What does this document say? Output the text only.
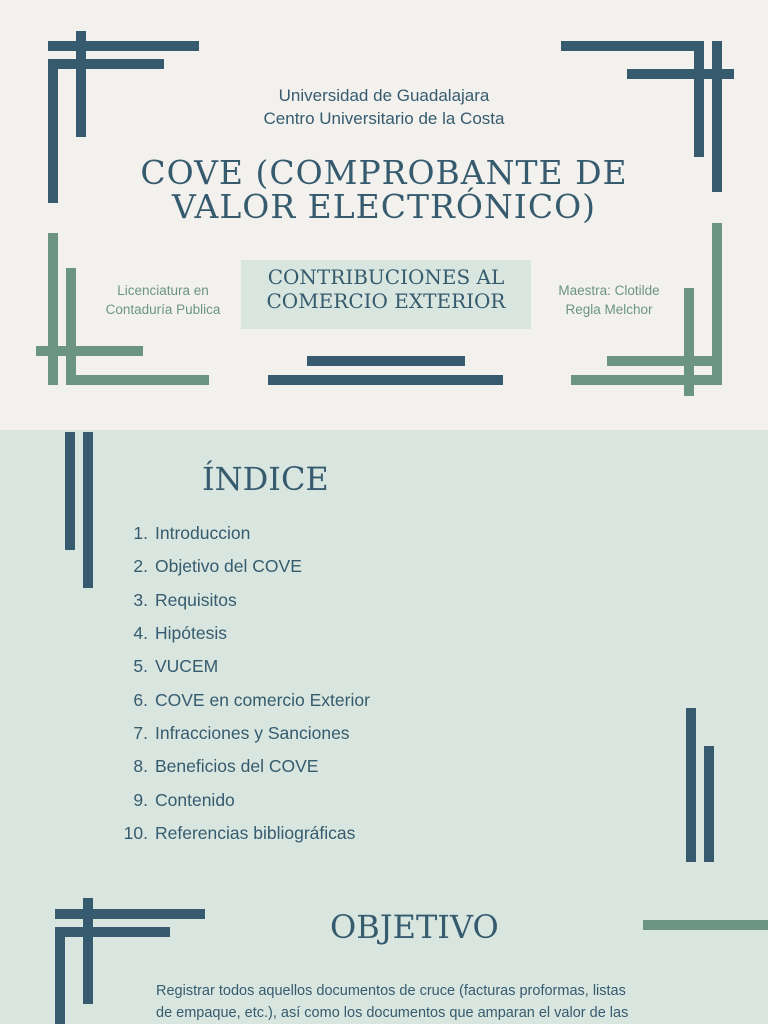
Universidad de Guadalajara
Centro Universitario de la Costa
COVE (COMPROBANTE DE
VALOR ELECTRÓNICO)
CONTRIBUCIONES AL
COMERCIO EXTERIOR
Licenciatura en
Contaduría Publica
Maestra: Clotilde
Regla Melchor
ÍNDICE
1. Introduccion
2. Objetivo del COVE
3. Requisitos
4. Hipótesis
5. VUCEM
6. COVE en comercio Exterior
7. Infracciones y Sanciones
8. Beneficios del COVE
9. Contenido
10. Referencias bibliográficas
OBJETIVO
Registrar todos aquellos documentos de cruce (facturas proformas, listas
de empaque, etc.), así como los documentos que amparan el valor de las
